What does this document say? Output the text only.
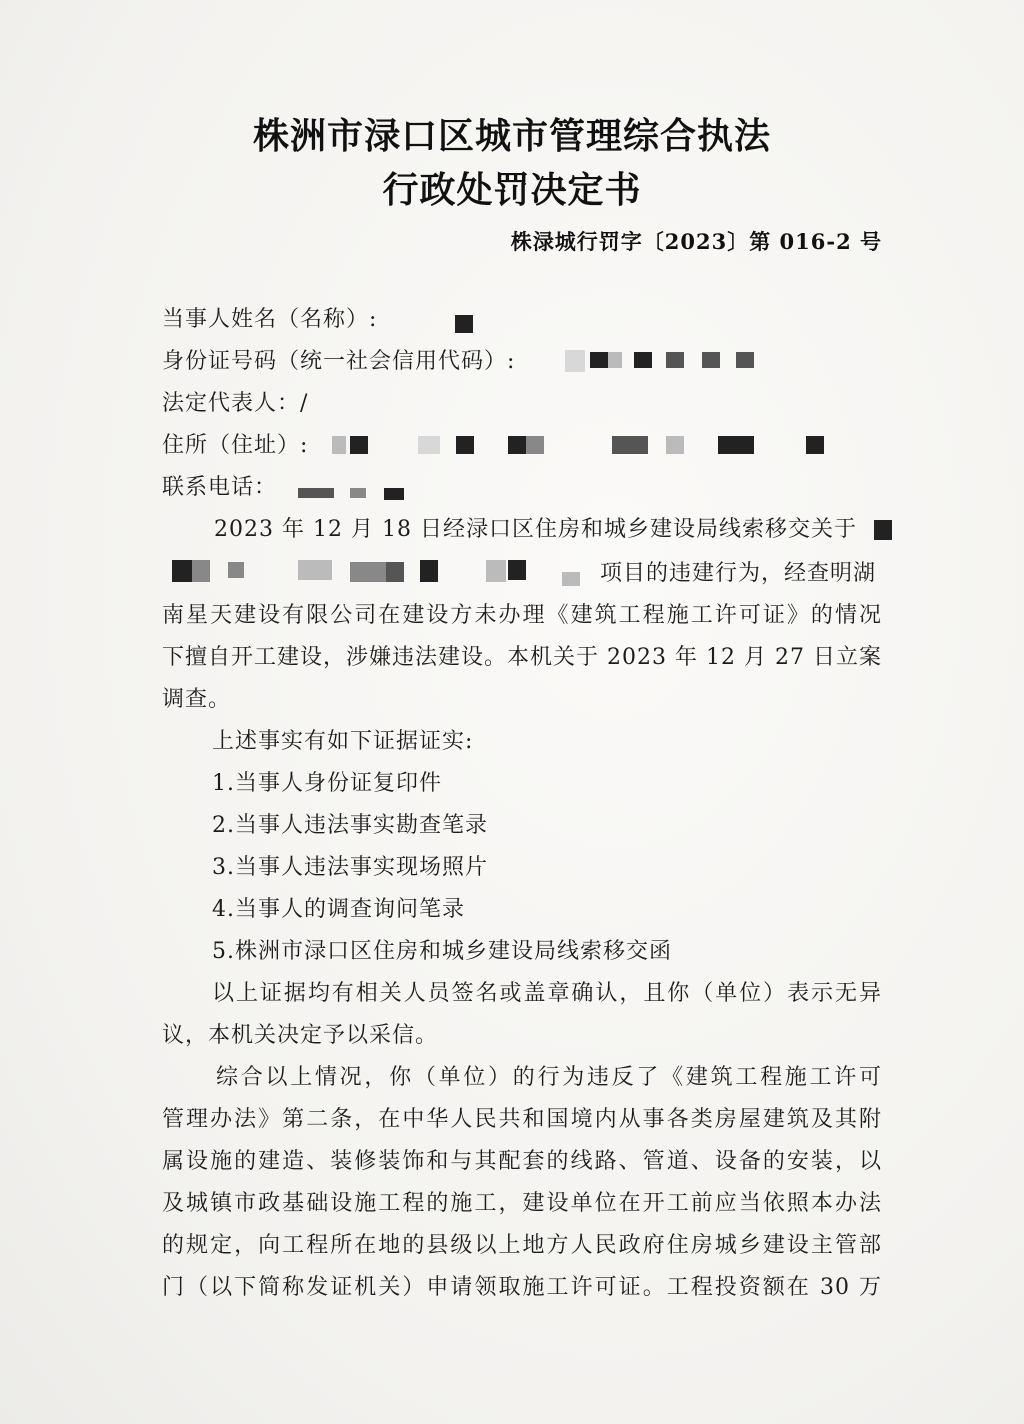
株洲市渌口区城市管理综合执法
行政处罚决定书
株渌城行罚字〔2023〕第 016-2 号
当事人姓名（名称）:
身份证号码（统一社会信用代码）:
法定代表人：/
住所（住址）:
联系电话：
2023 年 12 月 18 日经渌口区住房和城乡建设局线索移交关于
项目的违建行为，经查明湖
南星天建设有限公司在建设方未办理《建筑工程施工许可证》的情况
下擅自开工建设，涉嫌违法建设。本机关于 2023 年 12 月 27 日立案
调查。
上述事实有如下证据证实:
1.当事人身份证复印件
2.当事人违法事实勘查笔录
3.当事人违法事实现场照片
4.当事人的调查询问笔录
5.株洲市渌口区住房和城乡建设局线索移交函
以上证据均有相关人员签名或盖章确认，且你（单位）表示无异
议，本机关决定予以采信。
综合以上情况，你（单位）的行为违反了《建筑工程施工许可
管理办法》第二条，在中华人民共和国境内从事各类房屋建筑及其附
属设施的建造、装修装饰和与其配套的线路、管道、设备的安装，以
及城镇市政基础设施工程的施工，建设单位在开工前应当依照本办法
的规定，向工程所在地的县级以上地方人民政府住房城乡建设主管部
门（以下简称发证机关）申请领取施工许可证。工程投资额在 30 万
